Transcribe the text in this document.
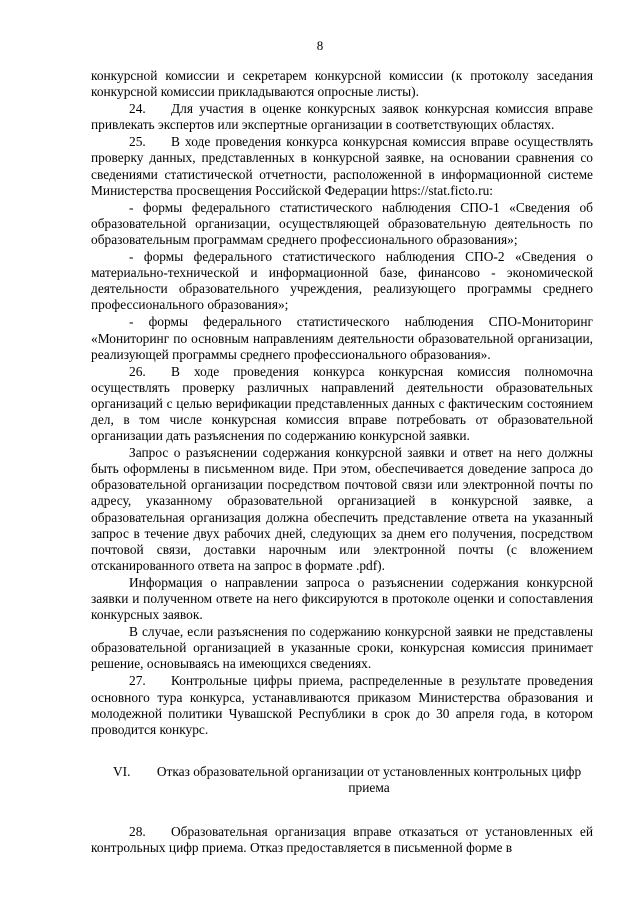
8

конкурсной комиссии и секретарем конкурсной комиссии (к протоколу заседания конкурсной комиссии прикладываются опросные листы).

24. Для участия в оценке конкурсных заявок конкурсная комиссия вправе привлекать экспертов или экспертные организации в соответствующих областях.

25. В ходе проведения конкурса конкурсная комиссия вправе осуществлять проверку данных, представленных в конкурсной заявке, на основании сравнения со сведениями статистической отчетности, расположенной в информационной системе Министерства просвещения Российской Федерации https://stat.ficto.ru:

- формы федерального статистического наблюдения СПО-1 «Сведения об образовательной организации, осуществляющей образовательную деятельность по образовательным программам среднего профессионального образования»;

- формы федерального статистического наблюдения СПО-2 «Сведения о материально-технической и информационной базе, финансово - экономической деятельности образовательного учреждения, реализующего программы среднего профессионального образования»;

- формы федерального статистического наблюдения СПО-Мониторинг «Мониторинг по основным направлениям деятельности образовательной организации, реализующей программы среднего профессионального образования».

26. В ходе проведения конкурса конкурсная комиссия полномочна осуществлять проверку различных направлений деятельности образовательных организаций с целью верификации представленных данных с фактическим состоянием дел, в том числе конкурсная комиссия вправе потребовать от образовательной организации дать разъяснения по содержанию конкурсной заявки.

Запрос о разъяснении содержания конкурсной заявки и ответ на него должны быть оформлены в письменном виде. При этом, обеспечивается доведение запроса до образовательной организации посредством почтовой связи или электронной почты по адресу, указанному образовательной организацией в конкурсной заявке, а образовательная организация должна обеспечить представление ответа на указанный запрос в течение двух рабочих дней, следующих за днем его получения, посредством почтовой связи, доставки нарочным или электронной почты (с вложением отсканированного ответа на запрос в формате .pdf).

Информация о направлении запроса о разъяснении содержания конкурсной заявки и полученном ответе на него фиксируются в протоколе оценки и сопоставления конкурсных заявок.

В случае, если разъяснения по содержанию конкурсной заявки не представлены образовательной организацией в указанные сроки, конкурсная комиссия принимает решение, основываясь на имеющихся сведениях.

27. Контрольные цифры приема, распределенные в результате проведения основного тура конкурса, устанавливаются приказом Министерства образования и молодежной политики Чувашской Республики в срок до 30 апреля года, в котором проводится конкурс.

VI.	Отказ образовательной организации от установленных контрольных цифр приема

28. Образовательная организация вправе отказаться от установленных ей контрольных цифр приема. Отказ предоставляется в письменной форме в
